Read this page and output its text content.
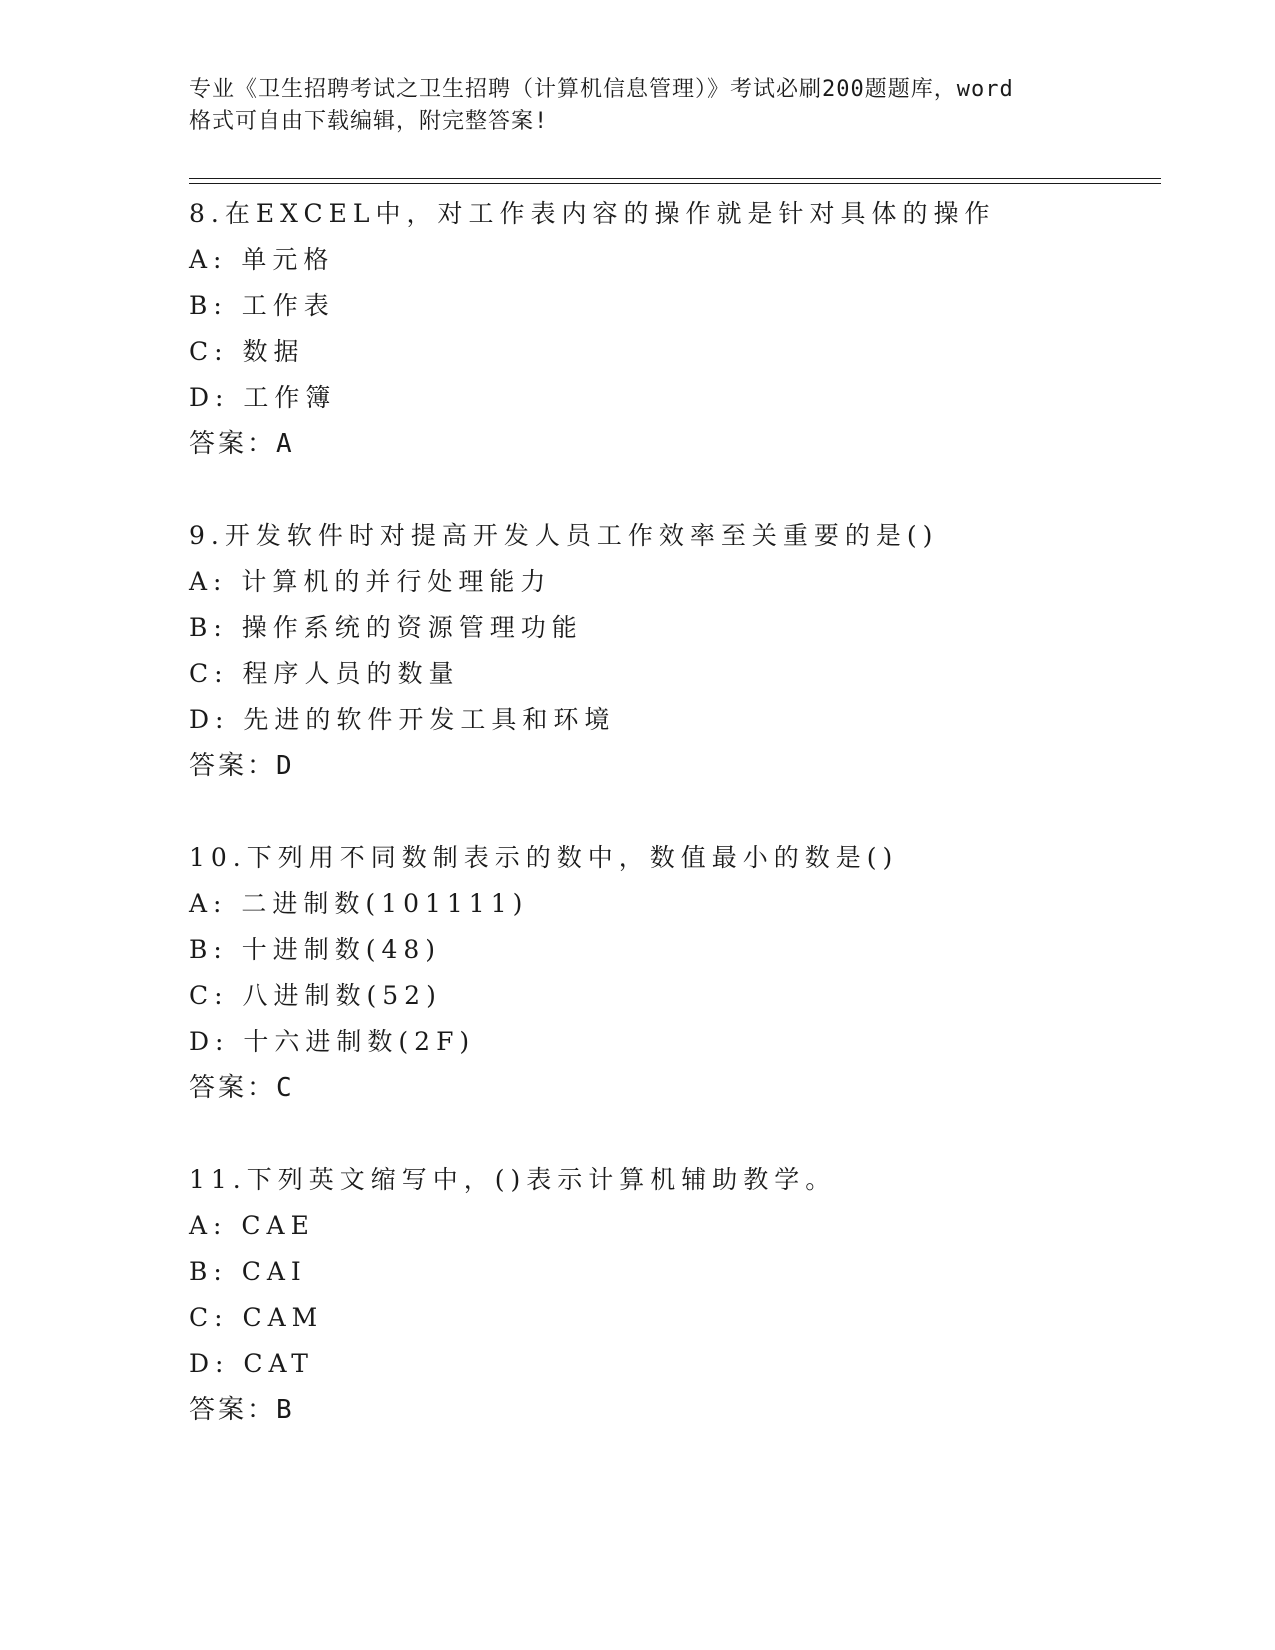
专业《卫生招聘考试之卫生招聘（计算机信息管理）》考试必刷200题题库，word
格式可自由下载编辑，附完整答案!
8.在EXCEL中，对工作表内容的操作就是针对具体的操作
A: 单元格
B: 工作表
C: 数据
D: 工作簿
答案：A
9.开发软件时对提高开发人员工作效率至关重要的是()
A: 计算机的并行处理能力
B: 操作系统的资源管理功能
C: 程序人员的数量
D: 先进的软件开发工具和环境
答案：D
10.下列用不同数制表示的数中，数值最小的数是()
A: 二进制数(101111)
B: 十进制数(48)
C: 八进制数(52)
D: 十六进制数(2F)
答案：C
11.下列英文缩写中，()表示计算机辅助教学。
A: CAE
B: CAI
C: CAM
D: CAT
答案：B
